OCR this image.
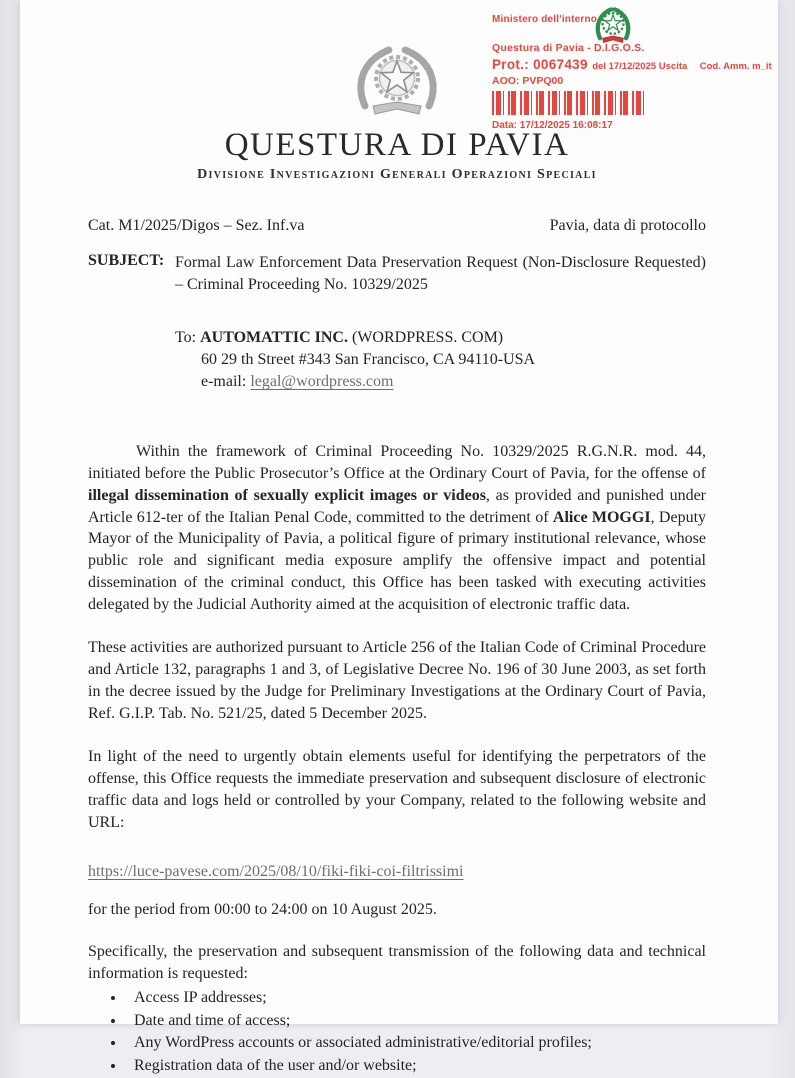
Ministero dell'interno
Questura di Pavia - D.I.G.O.S.
Prot.: 0067439 del 17/12/2025 Uscita Cod. Amm. m_it
AOO: PVPQ00
Data: 17/12/2025 16:08:17
QUESTURA DI PAVIA
Divisione Investigazioni Generali Operazioni Speciali
Cat. M1/2025/Digos – Sez. Inf.va	Pavia, data di protocollo
SUBJECT: Formal Law Enforcement Data Preservation Request (Non-Disclosure Requested) – Criminal Proceeding No. 10329/2025
To: AUTOMATTIC INC. (WORDPRESS. COM)
60 29 th Street #343 San Francisco, CA 94110-USA
e-mail: legal@wordpress.com

Within the framework of Criminal Proceeding No. 10329/2025 R.G.N.R. mod. 44, initiated before the Public Prosecutor’s Office at the Ordinary Court of Pavia, for the offense of illegal dissemination of sexually explicit images or videos, as provided and punished under Article 612-ter of the Italian Penal Code, committed to the detriment of Alice MOGGI, Deputy Mayor of the Municipality of Pavia, a political figure of primary institutional relevance, whose public role and significant media exposure amplify the offensive impact and potential dissemination of the criminal conduct, this Office has been tasked with executing activities delegated by the Judicial Authority aimed at the acquisition of electronic traffic data.

These activities are authorized pursuant to Article 256 of the Italian Code of Criminal Procedure and Article 132, paragraphs 1 and 3, of Legislative Decree No. 196 of 30 June 2003, as set forth in the decree issued by the Judge for Preliminary Investigations at the Ordinary Court of Pavia, Ref. G.I.P. Tab. No. 521/25, dated 5 December 2025.

In light of the need to urgently obtain elements useful for identifying the perpetrators of the offense, this Office requests the immediate preservation and subsequent disclosure of electronic traffic data and logs held or controlled by your Company, related to the following website and URL:

https://luce-pavese.com/2025/08/10/fiki-fiki-coi-filtrissimi
for the period from 00:00 to 24:00 on 10 August 2025.

Specifically, the preservation and subsequent transmission of the following data and technical information is requested:

• Access IP addresses;
• Date and time of access;
• Any WordPress accounts or associated administrative/editorial profiles;
• Registration data of the user and/or website;
